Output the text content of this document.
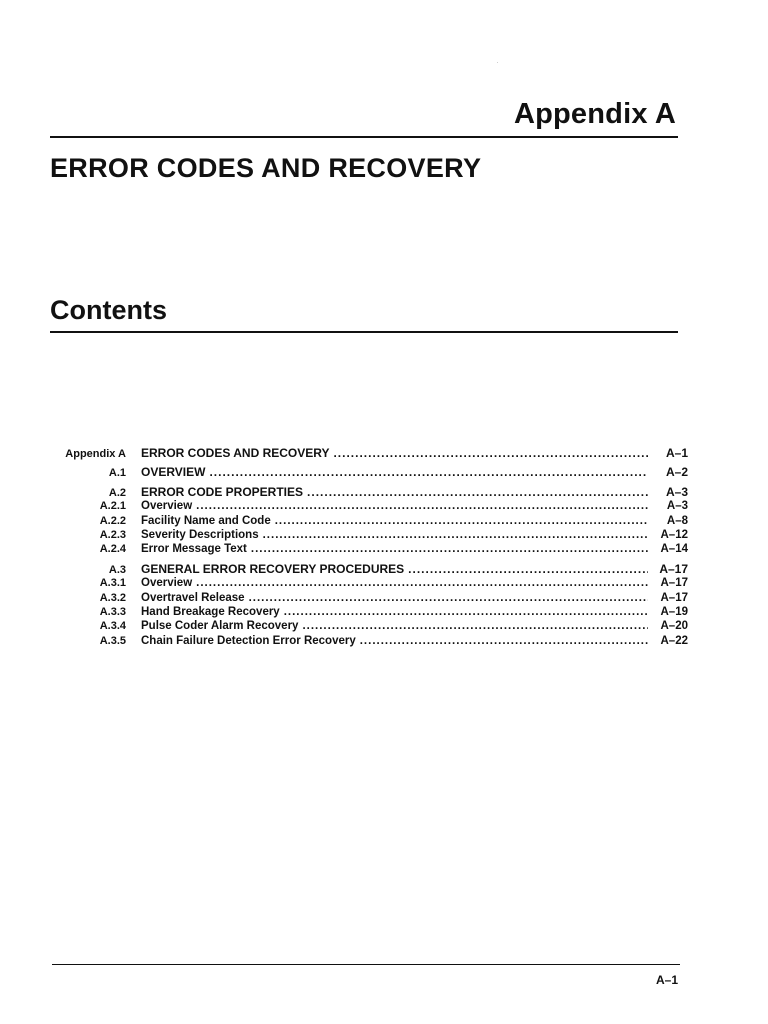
Appendix A
ERROR CODES AND RECOVERY
Contents
Appendix A ERROR CODES AND RECOVERY .....	A–1
A.1 OVERVIEW .....	A–2
A.2 ERROR CODE PROPERTIES .....	A–3
A.2.1 Overview .....	A–3
A.2.2 Facility Name and Code .....	A–8
A.2.3 Severity Descriptions .....	A–12
A.2.4 Error Message Text .....	A–14
A.3 GENERAL ERROR RECOVERY PROCEDURES .....	A–17
A.3.1 Overview .....	A–17
A.3.2 Overtravel Release .....	A–17
A.3.3 Hand Breakage Recovery .....	A–19
A.3.4 Pulse Coder Alarm Recovery .....	A–20
A.3.5 Chain Failure Detection Error Recovery .....	A–22
A–1
